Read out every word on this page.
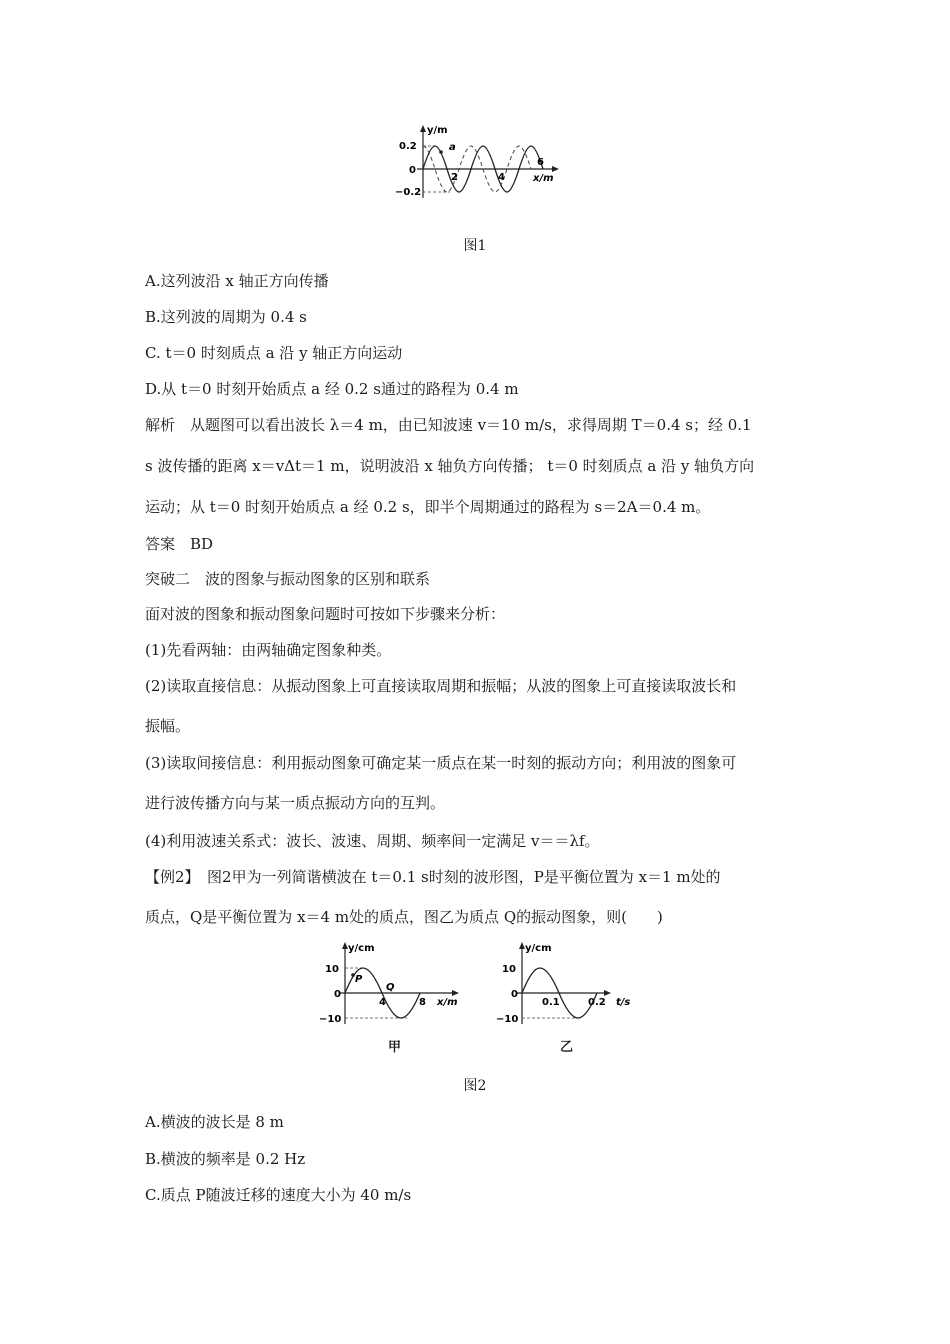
y/m
0.2
0
−0.2
2	4
6
x/m
a
图1
A.这列波沿 x 轴正方向传播
B.这列波的周期为 0.4 s
C. t＝0 时刻质点 a 沿 y 轴正方向运动
D.从 t＝0 时刻开始质点 a 经 0.2 s通过的路程为 0.4 m
解析　从题图可以看出波长 λ＝4 m，由已知波速 v＝10 m/s，求得周期 T＝0.4 s；经 0.1
s 波传播的距离 x＝vΔt＝1 m，说明波沿 x 轴负方向传播； t＝0 时刻质点 a 沿 y 轴负方向
运动；从 t＝0 时刻开始质点 a 经 0.2 s，即半个周期通过的路程为 s＝2A＝0.4 m。
答案　BD
突破二　波的图象与振动图象的区别和联系
面对波的图象和振动图象问题时可按如下步骤来分析：
(1)先看两轴：由两轴确定图象种类。
(2)读取直接信息：从振动图象上可直接读取周期和振幅；从波的图象上可直接读取波长和
振幅。
(3)读取间接信息：利用振动图象可确定某一质点在某一时刻的振动方向；利用波的图象可
进行波传播方向与某一质点振动方向的互判。
(4)利用波速关系式：波长、波速、周期、频率间一定满足 v＝＝λf。
【例2】　图2甲为一列简谐横波在 t＝0.1 s时刻的波形图，P是平衡位置为 x＝1 m处的
质点，Q是平衡位置为 x＝4 m处的质点，图乙为质点 Q的振动图象，则(　　)
y/cm
10
0
−10
4	8 x/m
P
Q
甲
y/cm
10
0
−10
0.1	0.2 t/s
乙
图2
A.横波的波长是 8 m
B.横波的频率是 0.2 Hz
C.质点 P随波迁移的速度大小为 40 m/s
